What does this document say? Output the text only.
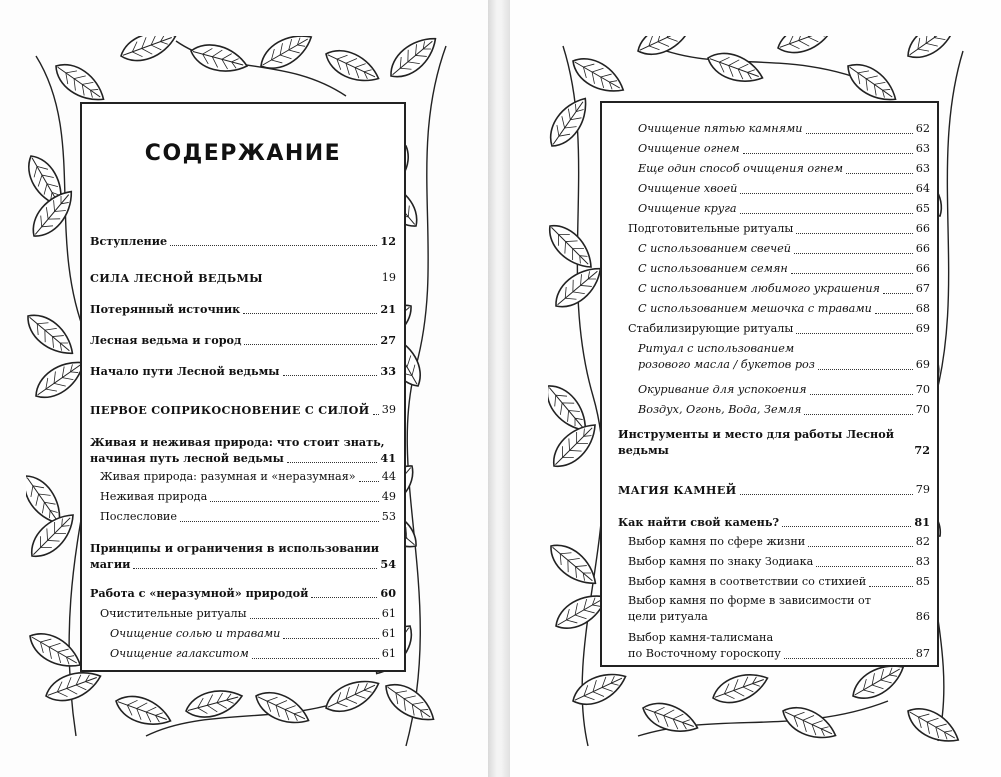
СОДЕРЖАНИЕ
Вступление	12
СИЛА ЛЕСНОЙ ВЕДЬМЫ	19
Потерянный источник	21
Лесная ведьма и город	27
Начало пути Лесной ведьмы	33
ПЕРВОЕ СОПРИКОСНОВЕНИЕ С СИЛОЙ 39
Живая и неживая природа: что стоит знать,
начиная путь лесной ведьмы	41
Живая природа: разумная и «неразумная» 44
Неживая природа	49
Послесловие	53
Принципы и ограничения в использовании
магии	54
Работа с «неразумной» природой	60
Очистительные ритуалы	61
Очищение солью и травами	61
Очищение галакситом	61
Очищение пятью камнями	62
Очищение огнем	63
Еще один способ очищения огнем	63
Очищение хвоей	64
Очищение круга	65
Подготовительные ритуалы	66
С использованием свечей	66
С использованием семян	66
С использованием любимого украшения	67
С использованием мешочка с травами	68
Стабилизирующие ритуалы	69
Ритуал с использованием
розового масла / букетов роз	69
Окуривание для успокоения	70
Воздух, Огонь, Вода, Земля	70
Инструменты и место для работы Лесной
ведьмы	72
МАГИЯ КАМНЕЙ	79
Как найти свой камень?	81
Выбор камня по сфере жизни	82
Выбор камня по знаку Зодиака	83
Выбор камня в соответствии со стихией	85
Выбор камня по форме в зависимости от
цели ритуала	86
Выбор камня-талисмана
по Восточному гороскопу	87
